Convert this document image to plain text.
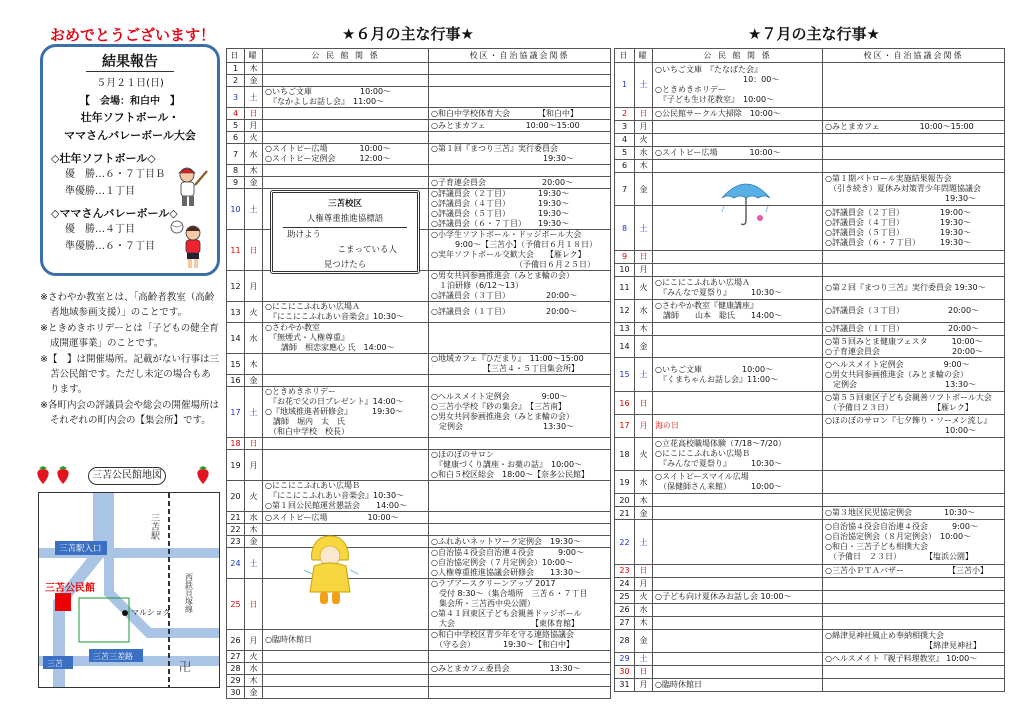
おめでとうございます！
結果報告
５月２１日(日)
【　会場：和白中　】
壮年ソフトボール・
ママさんバレーボール大会
◇壮年ソフトボール◇
優　勝…６・７丁目Ｂ
準優勝…１丁目
◇ママさんバレーボール◇
優　勝…４丁目
準優勝…６・７丁目
※さわやか教室とは、「高齢者教室（高齢者地域参画支援）」のことです。
※ときめきホリデーとは「子どもの健全育成開運事業」のことです。
※【　】は開催場所。記載がない行事は三苫公民館です。ただし未定の場合もあります。
※各町内会の評議員会や総会の開催場所はそれぞれの町内会の【集会所】です。
三苫公民館地図
三苫駅
西鉄貝塚線
三苫駅入口
三苫公民館
マルショク
三苫三差路
三苫	卍
★６月の主な行事★
日	曜	公 民 館 関 係	校区・自治協議会関係
1	木		
2	金		
3	土	○いちご文庫　　　　　　10:00～
　『なかよしお話し会』　11:00～	
4	日		○和白中学校体育大会　　　　【和白中】
5	月		○みとまカフェ　　　　　10:00～15:00
6	火		
7	水	○スイトピー広場　　　　10:00～
○スイトピー定例会　　　12:00～	○第１回『まつり三苫』実行委員会
　　　　　　　　　　　　　　19:30～
8	木		
9	金		○子育連会員会　　　　　　　20:00～
10	土		○評議員会（２丁目）　　　　19:30～
○評議員会（４丁目）　　　　19:30～
○評議員会（５丁目）　　　　19:30～
○評議員会（６・７丁目）　　19:30～
11	日		○小学生ソフトボール・ドッジボール大会
　　　9:00～【三苫小】（予備日６月１８日）
○実年ソフトボール交歓大会　　【雁レク】
　　　　　　　　　　　（予備日６月２５日）
12	月		○男女共同参画推進会（みとま輪の会）
　１泊研修（6/12～13）
○評議員会（３丁目）　　　　　20:00～
13	火	○にこにこふれあい広場Ａ
　『にこにこふれあい音楽会』10:30～	○評議員会（１丁目）　　　　　20:00～
14	水	○さわやか教室
　『無煙式・人権尊重』
　　講師　相恋家應心 氏　14:00～	
15	木		○地域カフェ『ひだまり』　11:00～15:00
　　　　　　　【三苫４・５丁目集会所】
16	金		
17	土	○ときめきホリデー
　『お花で父の日プレゼント』14:00～
○『地域推進者研修会』　　　19:30～
　講師　堀内　太　氏
　（和白中学校　校長）	○ヘルスメイト定例会　　　　9:00～
○三苫小学校『砂の集会』　【三苫南】
○男女共同参画推進会（みとま輪の会）
　定例会　　　　　　　　　　13:30～
18	日		
19	月		○ほのぼのサロン
　『健康づくり講座・お薬の話』　10:00～
○和白５校区総会　18:00～【奈多公民館】
20	火	○にこにこふれあい広場Ｂ
　『にこにこふれあい音楽会』10:30～
○第１回公民館運営懇話会　　14:00～	
21	水	○スイトピー広場　　　　　10:00～	
22	木		
23	金		○ふれあいネットワーク定例会　19:30～
24	土		○自治協４役会自治連４役会　　　9:00～
○自治協定例会（７月定例会）10:00～
○人権尊重推進協議会研修会　　13:30～
25	日		○ラブアースクリーンアップ 2017
　受付 8:30～（集合場所　三苫６・７丁目
　集会所・三苫西中央公園）
○第４１回東区子ども会親善ドッジボール
　大会　　　　　　　　　　【東体育館】
26	月	○臨時休館日	○和白中学校区青少年を守る連絡協議会
　（守る会）　　　　19:30～【和白中】
27	火		
28	水		○みとまカフェ委員会　　　　　13:30～
29	木		
30	金		
三苫校区
人権尊重推進協標語
助けよう
こまっている人
見つけたら
★７月の主な行事★
日	曜	公 民 館 関 係	校区・自治協議会関係
1	土	○いちご文庫　『たなばた会』
　　　　　　　　　　　10：00～
○ときめきホリデー
　『子ども生け花教室』　10:00～	
2	日	○公民館サークル大掃除　10:00～	
3	月		○みとまカフェ　　　　　10:00～15:00
4	火		
5	水	○スイトピー広場　　　　10:00～	
6	木		
7	金		○第１期パトロール実施結果報告会
　（引き続き）夏休み対策青少年問題協議会
　　　　　　　　　　　　　　　19:30～
8	土		○評議員会（２丁目）　　　　　19:00～
○評議員会（４丁目）　　　　　19:30～
○評議員会（５丁目）　　　　　19:30～
○評議員会（６・７丁目）　　　19:30～
9	日		
10	月		
11	火	○にこにこふれあい広場Ａ
　『みんなで夏祭り』　　　10:30～	○第２回『まつり三苫』実行委員会 19:30～
12	水	○さわやか教室『健康講座』
　講師　　山本　聡氏　　14:00～	○評議員会（３丁目）　　　　　　20:00～
13	木		○評議員会（１丁目）　　　　　　20:00～
14	金		○第５回みとま健康フェスタ　　　10:00～
○子育連会員会　　　　　　　　　20:00～
15	土	○いちご文庫　　　　　10:00～
　『くまちゃんお話し会』11:00～	○ヘルスメイト定例会　　　　　9:00～
○男女共同参画推進会（みとま輪の会）
　定例会　　　　　　　　　　　13:30～
16	日		○第５５回東区子ども会親善ソフトボール大会
　（予備日２３日）　　　　　　【雁レク】
17	月	海の日	○ほのぼのサロン『七夕飾り・ソーメン流し』
　　　　　　　　　　　　　　　10:00～
18	火	○立花高校職場体験（7/18～7/20）
○にこにこふれあい広場Ｂ
　『みんなで夏祭り』　　　10:30～	
19	水	○スイトピースマイル広場
　（保健師さん来館）　　　10:00～	
20	木		
21	金		○第３地区民児協定例会　　　　10:30～
22	土		○自治協４役会自治連４役会　　　9:00～
○自治協定例会（８月定例会）　10:00～
○和白・三苫子ども相撲大会
　（予備日　２３日）　　　　【塩浜公園】
23	日		○三苫小ＰＴＡバザー　　　　　　【三苫小】
24	月		
25	火	○子ども向け夏休みお話し会 10:00～	
26	水		
27	木		
28	金		○綿津見神社風止め奉納相撲大会
　　　　　　　　　　　　　【綿津見神社】
29	土		○ヘルスメイト『親子料理教室』 10:00～
30	日		
31	月	○臨時休館日	
